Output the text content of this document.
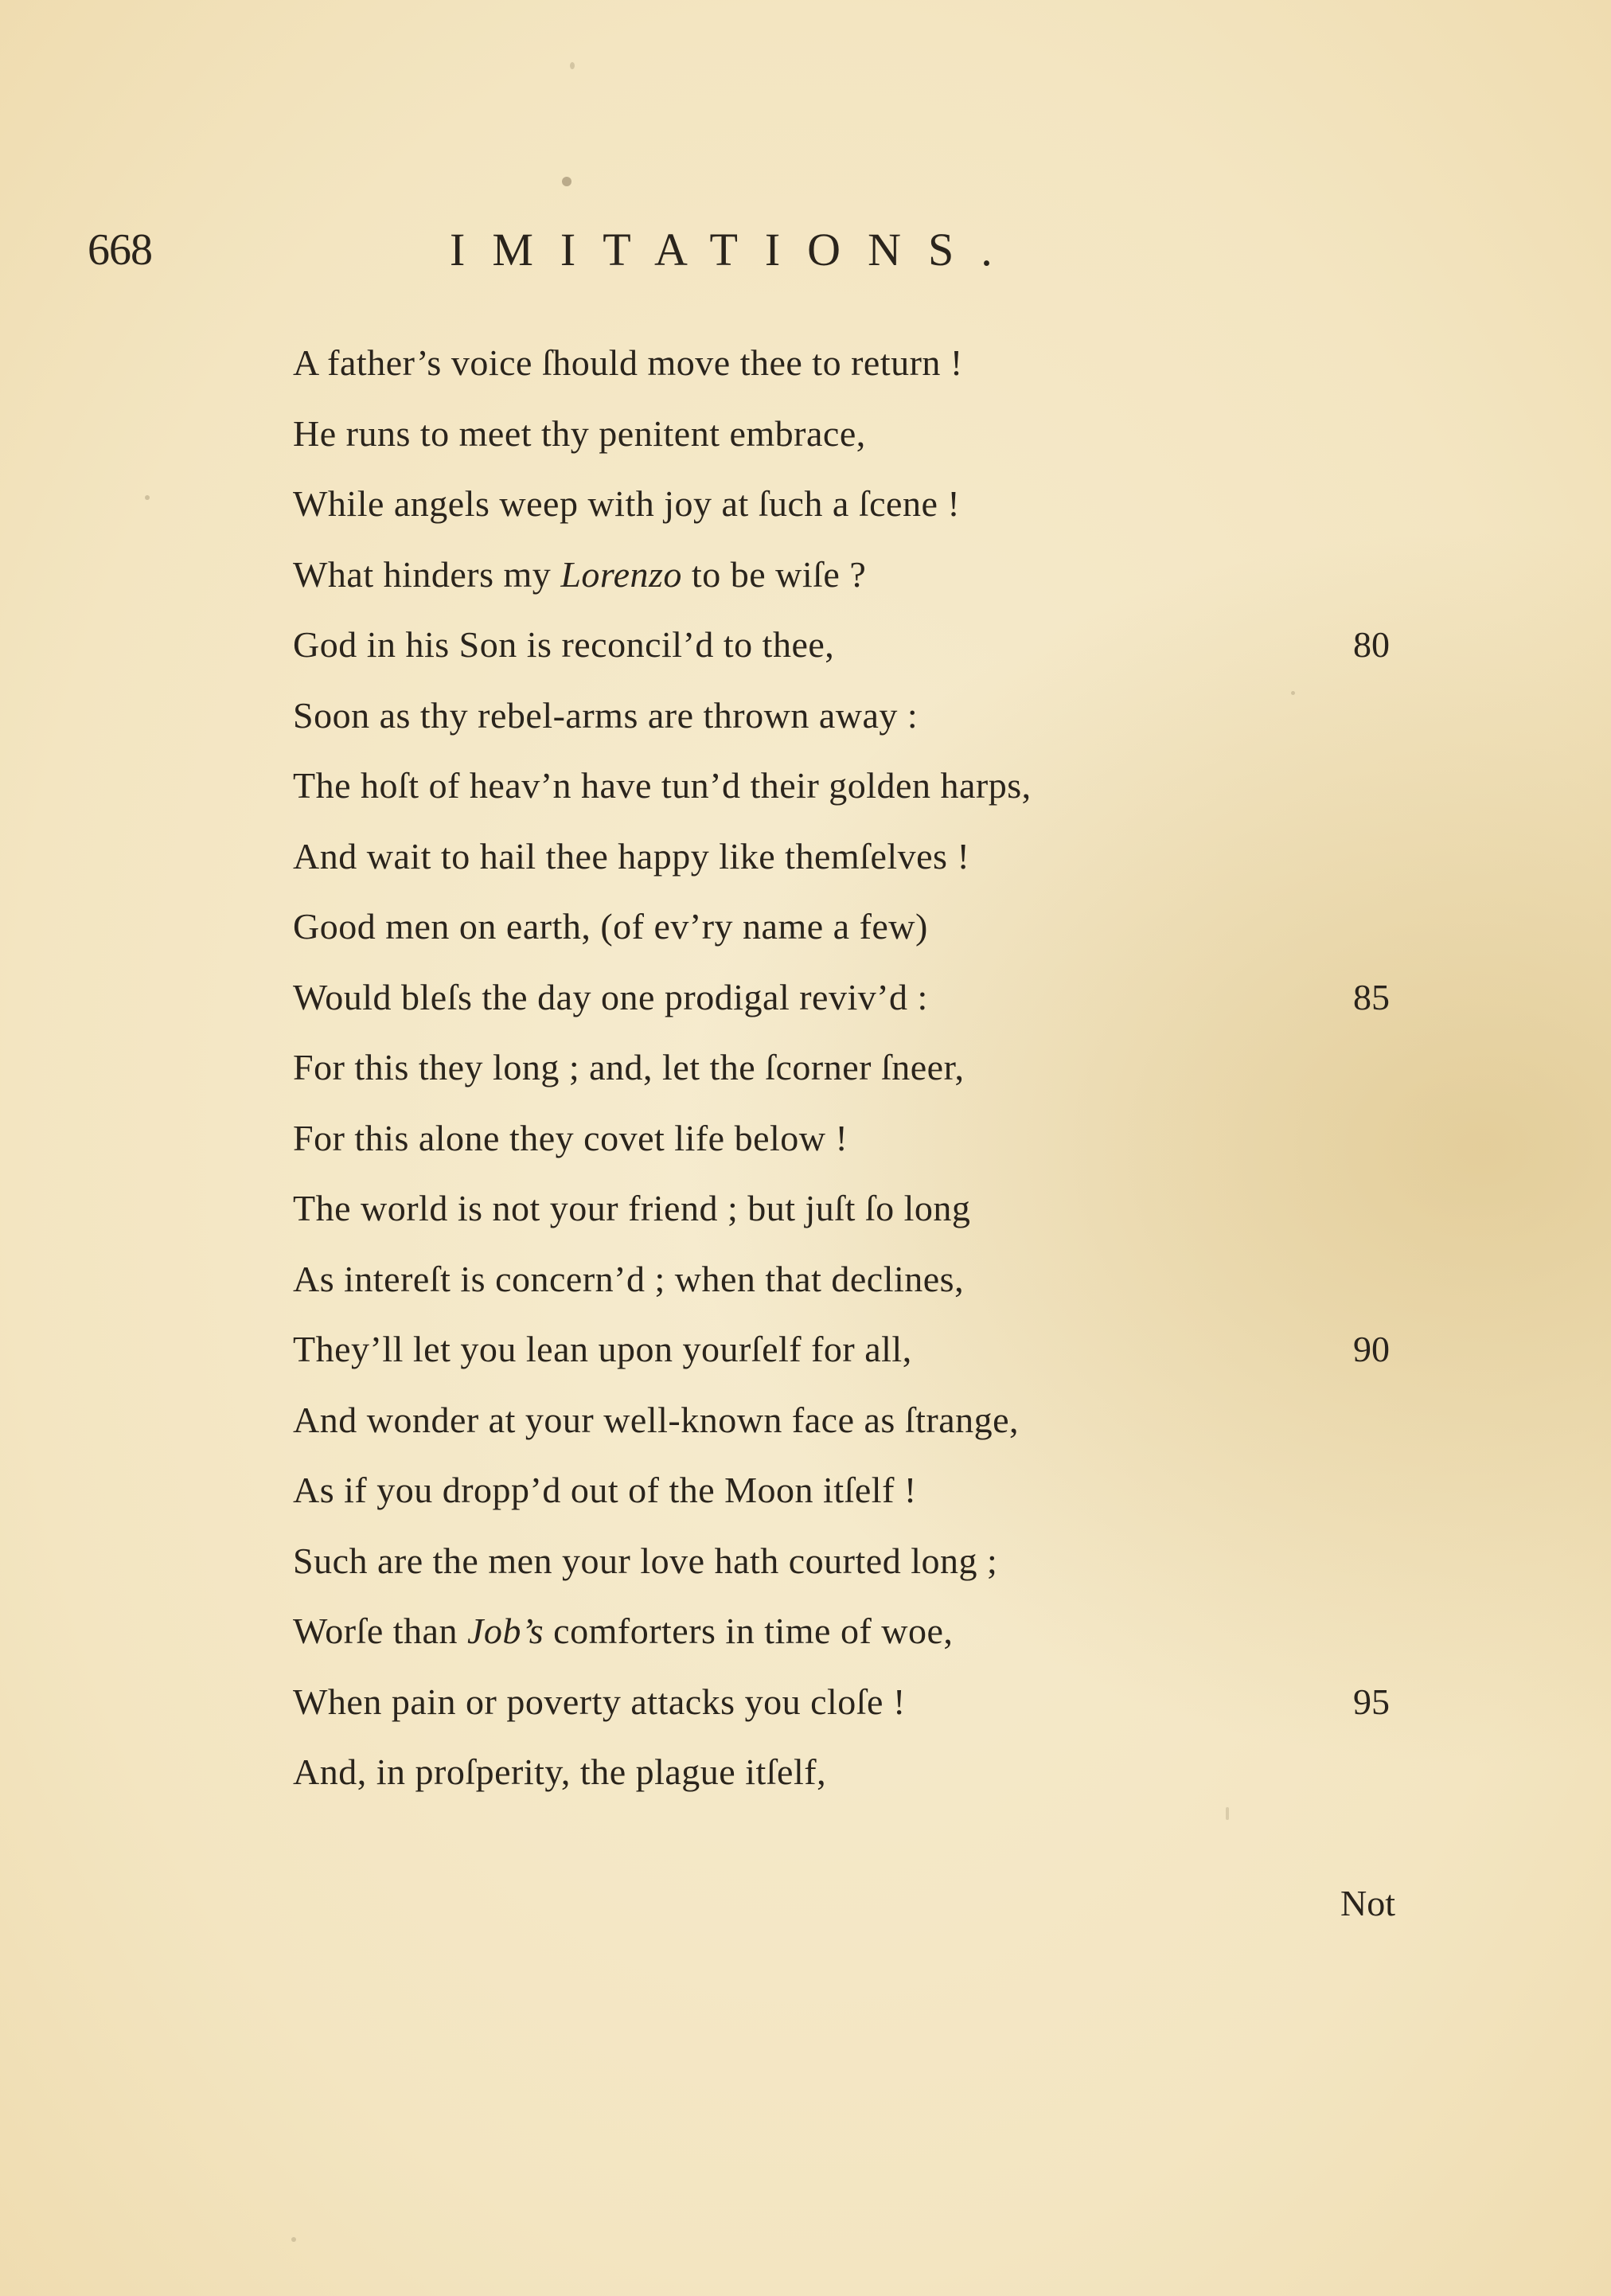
668	IMITATIONS.
A father’s voice ſhould move thee to return !
He runs to meet thy penitent embrace,
While angels weep with joy at ſuch a ſcene !
What hinders my Lorenzo to be wiſe ?
God in his Son is reconcil’d to thee,	80
Soon as thy rebel-arms are thrown away :
The hoſt of heav’n have tun’d their golden harps,
And wait to hail thee happy like themſelves !
Good men on earth, (of ev’ry name a few)
Would bleſs the day one prodigal reviv’d :	85
For this they long ; and, let the ſcorner ſneer,
For this alone they covet life below !
The world is not your friend ; but juſt ſo long
As intereſt is concern’d ; when that declines,
They’ll let you lean upon yourſelf for all,	90
And wonder at your well-known face as ſtrange,
As if you dropp’d out of the Moon itſelf !
Such are the men your love hath courted long ;
Worſe than Job’s comforters in time of woe,
When pain or poverty attacks you cloſe !	95
And, in proſperity, the plague itſelf,
Not
